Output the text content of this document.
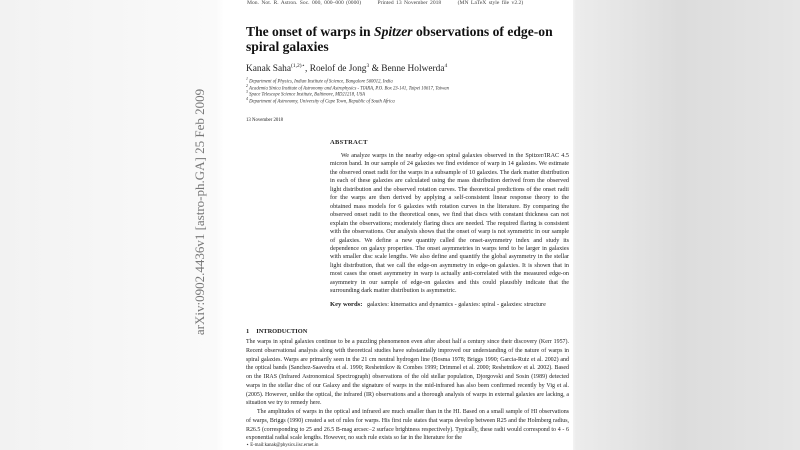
Mon. Not. R. Astron. Soc. 000, 000–000 (0000)	Printed 13 November 2018	(MN LaTeX style file v2.2)
arXiv:0902.4436v1 [astro-ph.GA] 25 Feb 2009
The onset of warps in Spitzer observations of edge-on spiral galaxies
Kanak Saha$^{(1,2)⋆}$, Roelof de Jong$^3$ & Benne Holwerda$^4$
$^1$ Department of Physics, Indian Institute of Science, Bangalore 560012, India
$^2$ Academia Sinica Institute of Astronomy and Astrophysics - TIARA, P.O. Box 23-141, Taipei 10617, Taiwan
$^3$ Space Telescope Science Institute, Baltimore, MD21218, USA
$^4$ Department of Astronomy, University of Cape Town, Republic of South Africa
13 November 2018
ABSTRACT
We analyze warps in the nearby edge-on spiral galaxies observed in the Spitzer/IRAC 4.5 micron band. In our sample of 24 galaxies we find evidence of warp in 14 galaxies. We estimate the observed onset radii for the warps in a subsample of 10 galaxies. The dark matter distribution in each of these galaxies are calculated using the mass distribution derived from the observed light distribution and the observed rotation curves. The theoretical predictions of the onset radii for the warps are then derived by applying a self-consistent linear response theory to the obtained mass models for 6 galaxies with rotation curves in the literature. By comparing the observed onset radii to the theoretical ones, we find that discs with constant thickness can not explain the observations; moderately flaring discs are needed. The required flaring is consistent with the observations. Our analysis shows that the onset of warp is not symmetric in our sample of galaxies. We define a new quantity called the onset-asymmetry index and study its dependence on galaxy properties. The onset asymmetries in warps tend to be larger in galaxies with smaller disc scale lengths. We also define and quantify the global asymmetry in the stellar light distribution, that we call the edge-on asymmetry in edge-on galaxies. It is shown that in most cases the onset asymmetry in warp is actually anti-correlated with the measured edge-on asymmetry in our sample of edge-on galaxies and this could plausibly indicate that the surrounding dark matter distribution is asymmetric.
Key words: galaxies: kinematics and dynamics - galaxies: spiral - galaxies: structure
1 INTRODUCTION

The warps in spiral galaxies continue to be a puzzling phenomenon even after about half a century since their discovery (Kerr 1957). Recent observational analysis along with theoretical studies have substantially improved our understanding of the nature of warps in spiral galaxies. Warps are primarily seen in the 21 cm neutral hydrogen line (Bosma 1978; Briggs 1990; Garcia-Ruiz et al. 2002) and the optical bands (Sanchez-Saavedra et al. 1990; Reshetnikov & Combes 1999; Drimmel et al. 2000; Reshetnikov et al. 2002). Based on the IRAS (Infrared Astronomical Spectrograph) observations of the old stellar population, Djorgovski and Sosin (1989) detected warps in the stellar disc of our Galaxy and the signature of warps in the mid-infrared has also been confirmed recently by Vig et al. (2005). However, unlike the optical, the infrared (IR) observations and a thorough analysis of warps in external galaxies are lacking, a situation we try to remedy here.

The amplitudes of warps in the optical and infrared are much smaller than in the HI. Based on a small sample of HI observations of warps, Briggs (1990) created a set of rules for warps. His first rule states that warps develop between R25 and the Holmberg radius, R26.5 (corresponding to 25 and 26.5 B-mag arcsec−2 surface brightness respectively). Typically, these radii would correspond to 4 - 6 exponential radial scale lengths. However, no such rule exists so far in the literature for the

⋆ E-mail:kanak@physics.iisc.ernet.in
